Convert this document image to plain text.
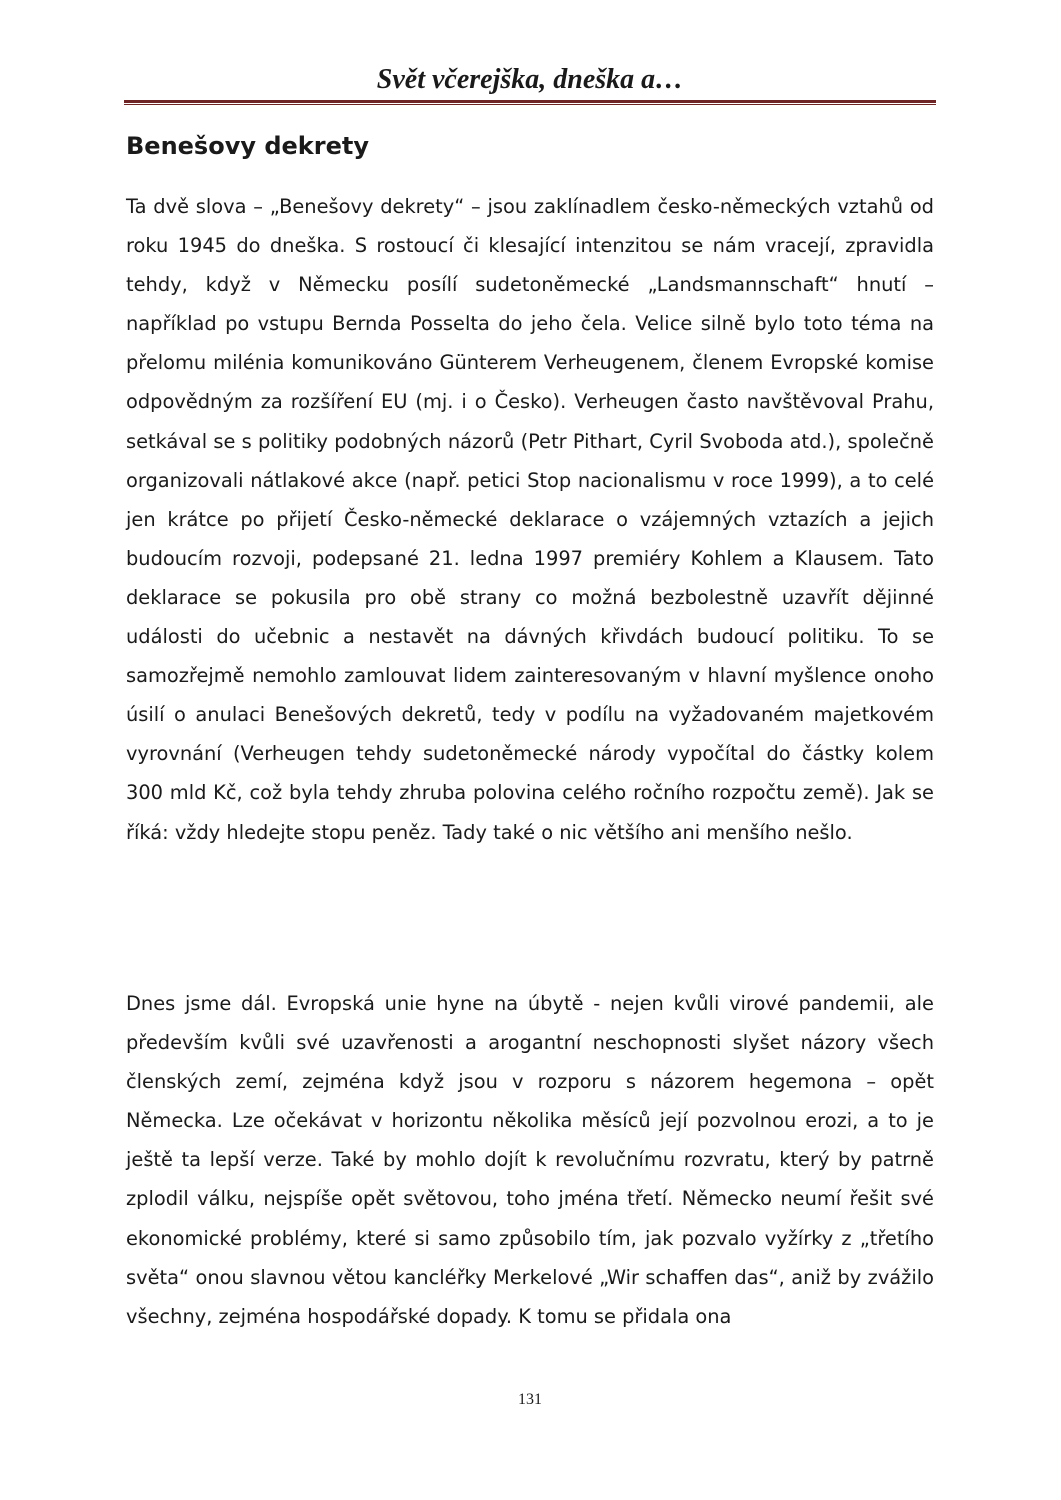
Svět včerejška, dneška a…
Benešovy dekrety

Ta dvě slova – „Benešovy dekrety“ – jsou zaklínadlem česko-německých vztahů od roku 1945 do dneška. S rostoucí či klesající intenzitou se nám vracejí, zpravidla tehdy, když v Německu posílí sudetoněmecké „Landsmannschaft“ hnutí – například po vstupu Bernda Posselta do jeho čela. Velice silně bylo toto téma na přelomu milénia komunikováno Günterem Verheugenem, členem Evropské komise odpovědným za rozšíření EU (mj. i o Česko). Verheugen často navštěvoval Prahu, setkával se s politiky podobných názorů (Petr Pithart, Cyril Svoboda atd.), společně organizovali nátlakové akce (např. petici Stop nacionalismu v roce 1999), a to celé jen krátce po přijetí Česko-německé deklarace o vzájemných vztazích a jejich budoucím rozvoji, podepsané 21. ledna 1997 premiéry Kohlem a Klausem. Tato deklarace se pokusila pro obě strany co možná bezbolestně uzavřít dějinné události do učebnic a nestavět na dávných křivdách budoucí politiku. To se samozřejmě nemohlo zamlouvat lidem zainteresovaným v hlavní myšlence onoho úsilí o anulaci Benešových dekretů, tedy v podílu na vyžadovaném majetkovém vyrovnání (Verheugen tehdy sudetoněmecké národy vypočítal do částky kolem 300 mld Kč, což byla tehdy zhruba polovina celého ročního rozpočtu země). Jak se říká: vždy hledejte stopu peněz. Tady také o nic většího ani menšího nešlo.

Dnes jsme dál. Evropská unie hyne na úbytě - nejen kvůli virové pandemii, ale především kvůli své uzavřenosti a arogantní neschopnosti slyšet názory všech členských zemí, zejména když jsou v rozporu s názorem hegemona – opět Německa. Lze očekávat v horizontu několika měsíců její pozvolnou erozi, a to je ještě ta lepší verze. Také by mohlo dojít k revolučnímu rozvratu, který by patrně zplodil válku, nejspíše opět světovou, toho jména třetí. Německo neumí řešit své ekonomické problémy, které si samo způsobilo tím, jak pozvalo vyžírky z „třetího světa“ onou slavnou větou kancléřky Merkelové „Wir schaffen das“, aniž by zvážilo všechny, zejména hospodářské dopady. K tomu se přidala ona

131
